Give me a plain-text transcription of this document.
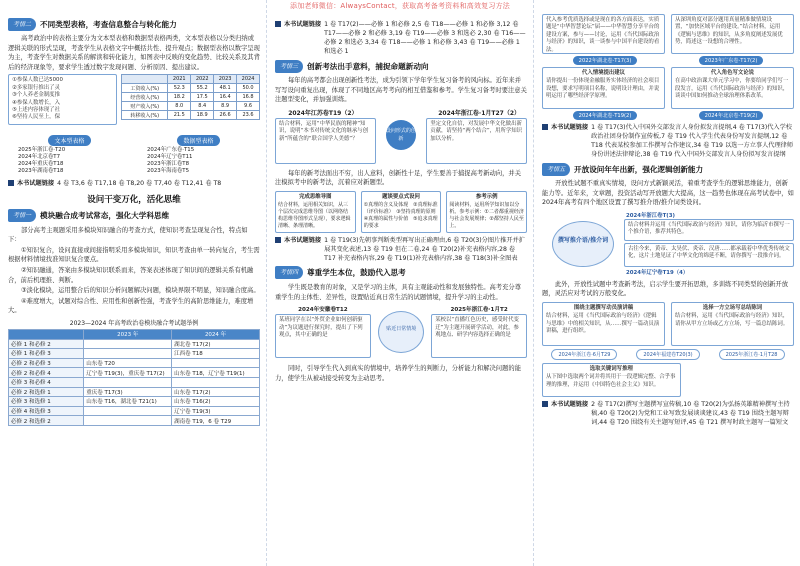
添加老师微信：AlwaysContact，获取高考备考资料和高效复习方法
考情二	不同类型表格，考查信息整合与转化能力

高考政治中的表格主要分为文本型表格和数据型表格两类，文本型表格以分类归纳或逻辑关联的形式呈现，考查学生从表格文字中概括共性、提升观点；数据型表格以数字呈现为主，考查学生对数据关系的解读和转化能力，如图表中反映的变化趋势、比较关系及其背后的经济现象等，要求学生透过数字发现问题、分析原因、提出建议。

①参保人数已达5000
②多家银行推出了灵
③个人养老金制度推
④参保人数增长，入
⑤上述内容体现了社
⑥坚持人民至上，保
	2021	2022	2023	2024
工资收入(%)	52.3	55.2	48.1	50.0
经营收入(%)	18.2	17.5	16.4	16.8
财产收入(%)	8.0	8.4	8.9	9.6
转移收入(%)	21.5	18.9	26.6	23.6
文本型表格
2025年浙江卷·T20
2024年北京卷T7
2024年重庆卷T18
2023年湖南卷T18
数据型表格
2024年广东卷·T15
2024年辽宁卷T11
2023年浙江卷T8
2023年海南卷T5
本书试题链接 4 卷 T3,6 卷 T17,18 卷 T8,20 卷 T7,40 卷 T12,41 卷 T8
设问干变万化，活化思维
考情一	模块融合成考试常态，强化大学科思维

部分高考主观题采用多模块知识融合的考查方式，使知识考查呈现复合性，特点如下：

①知识复合，设问直接或间接指明采用多模块知识，知识考查由单一转向复合，考生需根据材料情境找准知识复合要点。

②知识融通，答案由多模块知识联系而来，答案表述体现了知识间的逻辑关系有机融合，前后机理推、判断。

③淡化模块，运用整合后的知识分析问题解决问题，模块界限不明显，知识融合度高。

④难度增大，试题对综合性、应用性和创新性强，考查学生的高阶思维能力，难度增大。

2023—2024 年高考政治卷模块融合考试题举例
	2023 年	2024 年
必修 1 和必修 2		湖北卷 T17(2)
必修 1 和必修 3		江西卷 T18
必修 2 和必修 3	山东卷 T20	
必修 2 和必修 4	辽宁卷 T19(3)，重庆卷 T17(2)	山东卷 T18，辽宁卷 T19(1)
必修 3 和必修 4		
必修 2 和选修 1	重庆卷 T17(3)	山东卷 T17(2)
必修 3 和选修 1	山东卷 T16，湖北卷 T21(1)	山东卷 T16(2)
必修 4 和选修 3		辽宁卷 T19(3)
必修 2 和选修 2		湖南卷 T19，6 卷 T29
本书试题链接 1 卷 T17(2)——必修 1 和必修 2,5 卷 T18——必修 1 和必修 3,12 卷 T17——必修 2 和必修 3,19 卷 T19——必修 3 和选必 2,30 卷 T16——必修 2 和选必 3,34 卷 T18——必修 1 和必修 3,43 卷 T19——必修 1 和选必 1
考情三	创新考法出手意料，捕捉命题新动向

每年的高考都会出现创新性考法，成为引领下学年学生复习备考的风向标。近年来并写写设问重复出现，体现了不同地区高考考向的相互借鉴和参考。学生复习备考时要注意关注题型变化，并加强训练。

2024年江苏卷T19（2）	2024年浙江卷·1月T27（2）
结合材料，运用“中华民族的精神”知识，说明“本书对传统文化的继承与创新”所蕴含的“联合国学人美德”？
坚定文化自信，对发展中华文化做出新贡献，请坚持“两个结合”，用所学知识加以分析。
设问形式的创新

每年的新考法面出不穷，出人意料，创新性十足，学生要善于捕捉高考新动向，并关注模拟考中的新考法，沉着应对新题型。

完成思维导图
结合材料，运用相关知识，从三个层次完成思维导图（以网络结构思维导图形式呈现），要求逻辑清晰、条理清晰。
题谈要点式设问
①真理的含义及体现　②真理标准（评价标准）　③坚持真理的原则　④真理的属性与价值　⑤追求真理的要求
参考示例
阅读材料，运用所学知识加以分析。参考示例：①二者都重视经济与社会发展规律；②都坚持人民至上。
本书试题链接 1 卷 T19(3)先朝事判断类型再写出正确理由,6 卷 T20(3)分图片推开并扩展其变化表述,13 卷 T19 但在二卷,24 卷 T20(2)补充表格内容,28 卷 T17 补充表格内容,29 卷 T19(1)补充表格内容,38 卷 T18(3)补全图表
考情四	尊重学生本位，鼓励代入思考

学生既是教育的对象，又是学习的主体，具有主观能动性和发展独特性。高考充分尊重学生的主体性、差异性，设置贴近真日常生活的试题情境，提升学习的主动性。

2024年安徽卷T12	2025年浙江卷·1月T2
某班同学在以“外贸企业如何创新驱动”为议题进行探究时，提出了下列观点，其中正确的是
某校以“直播红色历史，感受时代变迁”为主题开展研学活动，对此，参观地点、研学内容选择正确的是
贴近日常情境

同时，引导学生代入到真实的情境中，培养学生的判断力，分析能力和解决问题的能力，使学生从被动接受转变为主动思考。

代入参考优质选择或是现在的各方面表达，实质题是“中华智慧论坛”届——中华智慧分享平台的建设方案，参与——讨论，运用《当代国际政治与经济》的知识，谈一谈参与中国平台建设的看法。
从深圳角度对部分题用真量精准做情境设置，“加快区域平台的建设。”结合材料，运用《逻辑与思维》的知识，从多角度阐述发展优势，简述这一设想的合理性。
2022年湖北卷·T17(3)	2023年广东卷·T17(2)
代入情境提出建议
请你提出一份体现金融服务实体经济的社会项目设想，要求写明项目名称，说明设计理由，并说明运用了哪些经济学原理。
代入角色写文论说
在高中政治课大单元学习中，你要给同学们写一段发言，运用《当代国际政治与经济》的知识，谈谈中国如何推动全球治理体系改革。
2024年湖北卷·T19(2)	2024年北京卷·T19(2)
本书试题链接 1 卷 T17(3)代入中国外交部发言人身份拟发言提纲,4 卷 T17(3)代入学校政治社团身份制作宣传板,7 卷 T19 代入学生代表身份写发言提纲,12 卷 T18 代表某校参加工作撰写合作建议,34 卷 T19 以选一方立事人代理律师身份讲述法律辩论,38 卷 T19 代入中国外交部发言人身份拟写发言提纲
考情五	开放设问年年出新，强化逻辑创新能力

开放性试题不重真实情境，设问方式新颖灵活，着重考查学生的逻辑思维能力，创新能力等。近年来，文章题，投资活动写开放题大大提高，这一趋势也体现在高考试卷中，如2024年高考有四个地区设置了撰写推介语/推介词类设问。

撰写推介语/推介词
2024年浙江卷T(3)
结合材料并运用《当代国际政治与经济》知识，请你为临沂市撰写一个推介语，推荐其特色。
古往今来，黄帝、太昊伏、炎帝、汉唐……都承载着中华优秀传统文化，这片土地见证了中华文化的绵延不断，请你撰写一段推介词。
2024年辽宁卷T19（4）

此外，开放性试题中考查新考法，启示学生要开拓思维，多训练不同类型的创新开放题，灵活应对考试的万般变化。

围绕主题撰写动员演讲稿
结合材料，运用《当代国际政治与经济》《逻辑与思维》中的相关知识，从……撰写一篇动员演讲稿，进行组织。
选择一方立场写总结陈词
结合材料，运用《当代国际政治与经济》知识，请你从甲方立场或乙方立场，写一篇总结陈词。
2024年浙江卷·6月T29	2024年福建卷T20(3)	2025年浙江卷·1月T28
选取关键词写推理
从下图中选取两个词并将其用于一段逻辑完整、合乎事理的推理，并运用《中国特色社会主义》知识。
本书试题链接 2 卷 T17(2)撰写主题撰写宣传稿,10 卷 T20(2)为弘扬英雄精神撰写主持稿,40 卷 T20(2)为党和工业写致发展谈谈建议,43 卷 T19 围绕主题写辩词,44 卷 T20 围绕有关主题写短评,45 卷 T21 撰写时政主题写一篇短文
